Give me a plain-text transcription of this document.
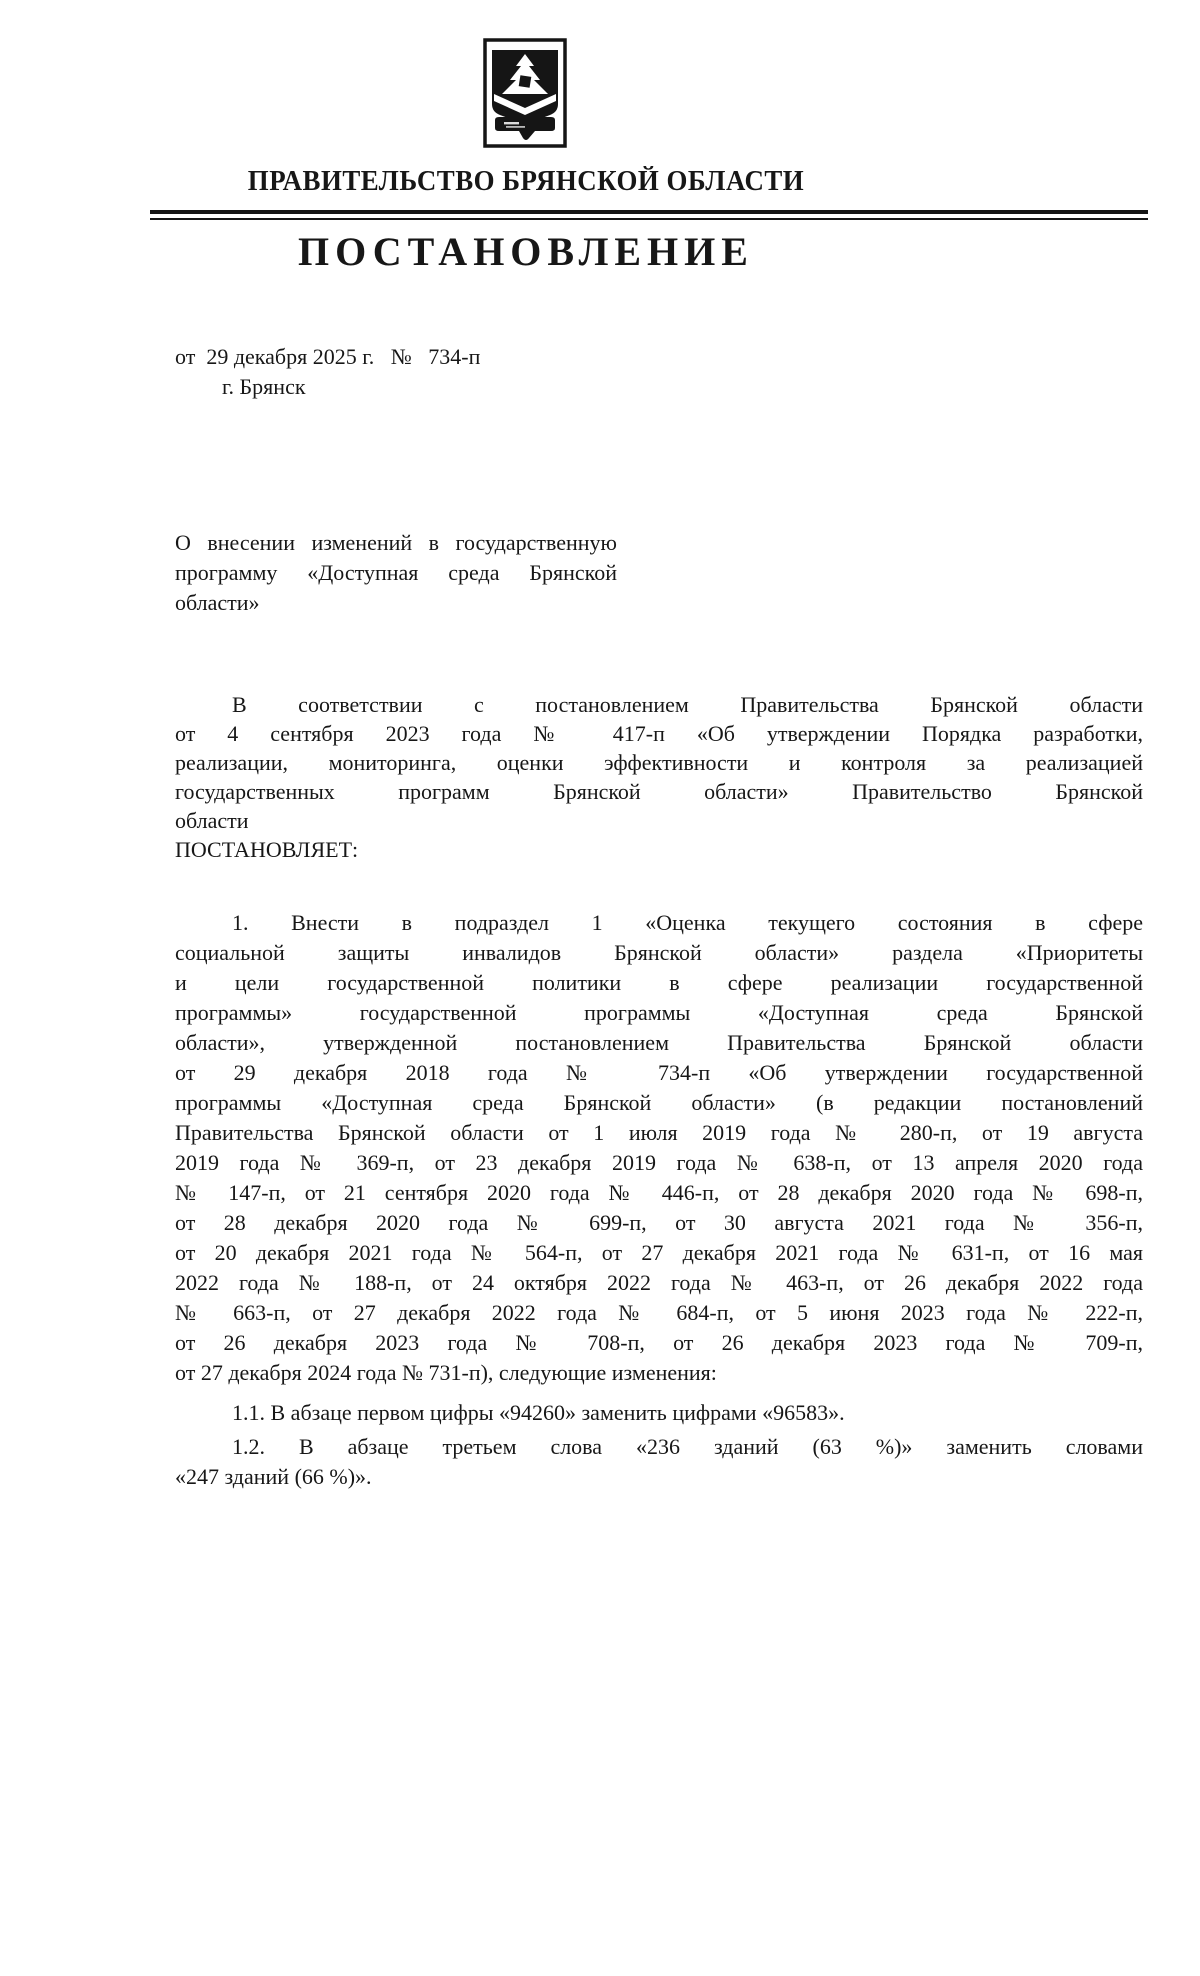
ПРАВИТЕЛЬСТВО БРЯНСКОЙ ОБЛАСТИ
ПОСТАНОВЛЕНИЕ
от  29 декабря 2025 г.   №   734-п
г. Брянск
О внесении изменений в государственную
программу «Доступная среда Брянской
области»
В соответствии с постановлением Правительства Брянской области
от 4 сентября 2023 года № 417-п «Об утверждении Порядка разработки,
реализации, мониторинга, оценки эффективности и контроля за реализацией
государственных программ Брянской области» Правительство Брянской
области
ПОСТАНОВЛЯЕТ:
1. Внести в подраздел 1 «Оценка текущего состояния в сфере
социальной защиты инвалидов Брянской области» раздела «Приоритеты
и цели государственной политики в сфере реализации государственной
программы» государственной программы «Доступная среда Брянской
области», утвержденной постановлением Правительства Брянской области
от 29 декабря 2018 года № 734-п «Об утверждении государственной
программы «Доступная среда Брянской области» (в редакции постановлений
Правительства Брянской области от 1 июля 2019 года № 280-п, от 19 августа
2019 года № 369-п, от 23 декабря 2019 года № 638-п, от 13 апреля 2020 года
№ 147-п, от 21 сентября 2020 года № 446-п, от 28 декабря 2020 года № 698-п,
от 28 декабря 2020 года № 699-п, от 30 августа 2021 года № 356-п,
от 20 декабря 2021 года № 564-п, от 27 декабря 2021 года № 631-п, от 16 мая
2022 года № 188-п, от 24 октября 2022 года № 463-п, от 26 декабря 2022 года
№ 663-п, от 27 декабря 2022 года № 684-п, от 5 июня 2023 года № 222-п,
от 26 декабря 2023 года № 708-п, от 26 декабря 2023 года № 709-п,
от 27 декабря 2024 года № 731-п), следующие изменения:
1.1. В абзаце первом цифры «94260» заменить цифрами «96583».
1.2. В абзаце третьем слова «236 зданий (63 %)» заменить словами
«247 зданий (66 %)».
